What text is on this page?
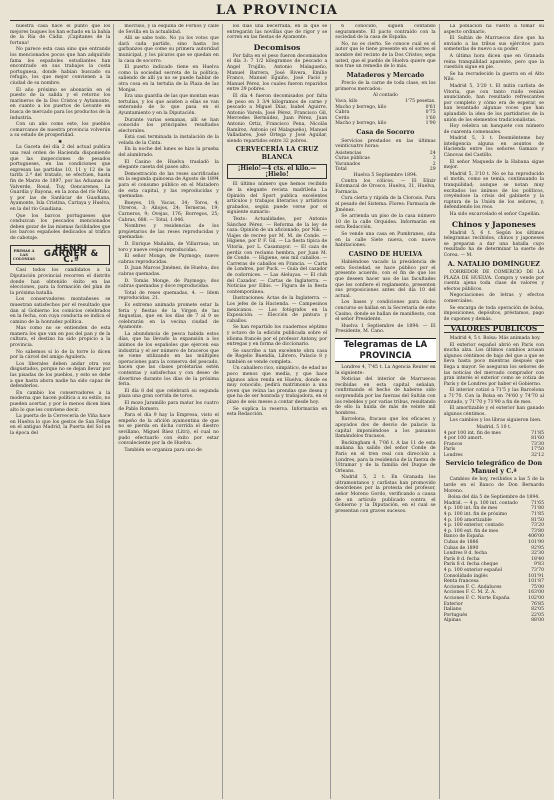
LA PROVINCIA

nuestra casa hace el punto que los mejores buques los han echado en la bahía de la Ría de Cádiz. ¡Capitanes de la fortuna!

No parece esta casa sino que entrando los mencionados pocos que han adquirido fama los españoles estudiantes han encontrado en sus trabajos la costa portuguesa, donde habían buscado su refugio, los que mejor convienen a la ciudad de su nombre.

El año próximo se abonarán en el puesto de la salida y el retorno los marineros de la Dos Cristos y Aytamonte, en cuanto a los puertos de Levante en busca de mercado para los productos de la industria.

Con un año como este, los pueblos comarcanos de nuestra provincia volverán a su estado de prosperidad.

✱

La Gaceta del día 2 del actual publica una real orden de Hacienda disponiendo que las inspecciones de pesados portugueses, en las condiciones que expresan las partidas 10, 11 y 12 de la tarifa 2.ª del tratado, se efectúen, hasta fin de Marzo de 1897, por las Aduanas de Valverde, Rosal, Tuy, Oencarenes, La Guardia y Bayona, en la zona del río Miño, y por las de Sanlúcar de Guadiana, Ayamonte, Isla Cristina, Cartaya y Huelva, en la del río Guadiana.

Que los barcos portugueses que conduzcan los pescados mencionados deben gozar de las mismas facilidades que los barcos españoles dedicados al tráfico de cabotaje.

PRIMAS A LAS COLONIAS
HENRI GARNER & C.ª

Casi todos los candidatos a la Diputación provincial recorren el distrito donde han obtenido éxito en las elecciones, para la formación del plan de la próxima batalla.

Los conservadores montañeses se muestran satisfechos por el resultado que dan al Gobierno los comicios celebrados en la fecha, con cuya conducta se indica el camino de la honradez política.

Mas como no se entienden de esta manera los que van en pos del pan y de la cultura, el destino ha sido propicio a la provincia.

No sabemos si lo de la torre lo dicen por la cárcel del amigo Aguilera.

Los liberales deben andar otra vez disgustados, porque no se dejan llevar por las pisadas de los pueblos, y esto se debe a que hasta ahora nadie ha sido capaz de defenderlos.

En cambio los conservadores a la moderna que hacen política a su estilo, no pueden acertar, y por lo menos dicen bien alto lo que les conviene decir.

La puerta de la Cervecería de Viña hace en Huelva lo que los gestos de San Felipe en el antiguo Madrid, la Puerta del Sol en la época del

mocrisío, y la esquina de Fornos y calle de Sevilla en la actualidad.

Allí se sabe todo. No ya los votos que dará cada partido, sino hasta los garbanzos que come su primera autoridad municipal, y los pícaros que se quedan en la casa de socorro.

El puerto indicado tiene en Huelva como la sociedad secreta de la política; saliendo de allí ya no se puede hablar de otra cosa en la tertulia de la Plaza de las Monjas.

Era una guardia de las que montan esas tertulias, y los que asisten a ellas se van enterando de lo que pasa en el Ayuntamiento y en la Diputación.

Durante varias semanas, allí se han conocido los principales resultados electorales.

Está casi terminada la instalación de la velada de la Cinta.

En la noche del lunes se hizo la prueba del alumbrado.

El Casino de Huelva trasladó la elegante caseta del paseo alto.

Demostración de las reses sacrificadas en la segunda quincena de Agosto de 1894 para el consumo público en el Matadero de esta capital, y las reproducidas y quemadas:

Bueyes, 18; Vacas, 34; Toros, 4; Utreros, 3; Añojos, 24; Terneras, 19; Carneros, 9; Ovejas, 176; Borregos, 25; Cabras, 688. — Total, 1.046.

Nombres y residencias de los propietarios de las reses reproducidas y quemadas:

D. Enrique Mañalda, de Villarrasa; un toro y nueve ovejas reproducidas.

El señor Monge, de Paymogo; nueve cabras reproducidas.

D. Juan Marcos Jiménez, de Huelva; dos cabras quemadas.

D. Tomás Monge, de Paymogo; dos cabras quemadas y doce reproducidas.

Total de reses quemadas, 4. — Idem reproducidas, 21.

Es extremo animada promete estar la feria y fiestas de la Virgen de las Angustias, que en los días de 7 al 9 se celebrarán en la vecina ciudad de Ayamonte.

La abundancia de pesca habida estos días, que ha llevado la expansión a los ánimos de los españoles que ejercen esa industria y el ser número de braceros que se viene utilizando en las múltiples operaciones para la conserva del pescado, hacen que las clases proletarias estén contentas y satisfechas y con deseo de divertirse durante los días de la próxima feria.

El día 8 del que celebrará su segunda plaza una gran corrida de toros.

El mozo Jaramillo para matar los cuatro de Pablo Romero.

Para el día 9 hay la Empresa, visto el empeño de la afición ayamontina de que no se pierda en dicha corrida el diestro sevillano, Miguel Báez (Litri), el cual no pudo efectuarlo con éxito por estar convaleciente por la de Huelva.

También se organiza para uno de

los días una becerrada, en la que se entregarán las novillas que de rigor y se corren en las fiestas de Ayamonte.

Decomisos

Por falta en el peso fueron decomisados el día 3: 7 1/2 kilogramos de pescado a Ángel Trujillo, Antonio Malagueño, Manuel Barrera, José Rivera, Emilio Franco, Manuel Eguiño, José Fació y Manuel Pérez, los cuales fueron reparidos entre 29 pobres.

El día 4 fueron decomisados por falta de peso en 3 3/4 kilogramos de carne y pescado a Miguel Díaz, Isabel Aguirre, Antonio Varela, José Pérez, Francisco Gil, Mercedes Bermúdez, Juan Pérez, Juan Antonio Ortiz, Francisco Pena, Nicolás Ramírez, Antonio (el Malagueño), Manuel Valladares, José Ortega y José Aguilar, siendo repartidos entre 32 pobres.

CERVECERÍA LA CRUZ BLANCA
¡Hielo!—4 cts. el kilo.—¡Hielo!

El último número que hemos recibido de la elegante revista madrileña La Opinión del Sport publica excelentes artículos y trabajos literarios y artísticos grabados, según puede verse por el siguiente sumario:

Texto: Actualidades, por Antonio Sánchez Pérez. — Reforma de la ley de caza: Opinión de un aficionado, por Nik. — Viajes de recreo por M. M. de Conde. — Higiene, por P. F. Gil. — La fiesta típica de Vitoria, por L. Casamayor. — El caza de perdiz con reclamo hembra, por Juan M. de Conde. — Higiene, seis mil caballos. — Carreras de caballos en Francia. — Carta de Londres, por Puck. — Guía del cazador de codornices. — Las Aleluyas. — El club del Cazador. — Cartas de Inglaterra. — Noticias por Elbis. — Figura de la fiesta contemporánea.

Ilustraciones: Actas de la Inglaterra. — Los jefes de la Hacienda. — Campesinos mexicanos. — Los fotógrafos en la Exposición. — Elección de pintura y caballos.

Se han repartido los cuadernos séptimo y octavo de la edición publicada sobre el idioma francés por el profesor Antony, por entregas y en forma de diccionario.

Se suscribe a tan excelente obra casa de Rogelio Buendía, Librero, Palacio 8 y también se vende completa.

Un caballero rico, simpático, de edad no poco menos que media, y que hace algunos años renda en Huelva, donde es muy conocido, pedirá matrimonio a una joven que reúna las prendas que desea y que ha de ser honrada y trabajadora, en el plazo de seis meses a contar desde hoy.

Se suplica la reserva. Informarán en esta Redacción.

6 conocido, siguen contando seguramente. El pacto contraído con la sociedad de la casa de España.

No, no es cierto. Se conoce cuál es el autor que le tiene presente en el sorteo el nombre del recinto de la Dos Cristos; sepa usted, que el pueblo de Huelva quiere que nos trae un remedio de lo más.

Mataderos y Mercado

Precio de la carne de toda clase, en los primeros mercados:

Al contado
Vaca, kilo	1'75 pesetas.
Macho y borrego, kilo	0'61
Cabra	0'75
Cerdo	1'60
Macho y borrego, kilo	1'90
Casa de Socorro

Servicios prestados en las últimas veinticuatro horas:

Asistencias	24
Curas públicas	3
Vacunados	2
Total	29
Huelva 5 Septiembre 1894.

Contra los cólicos. — El Elixir Estomacal de Orosco, Huelva, 31, Huelva, Farmacia.

Cura cierta y rápida de la Clorosis. Para el pesado del Sistema. Flores: Farmacia de Jiménez.

Se arrienda un piso de la casa número 10 de la calle Orquidea. Informarán en esta Redacción.

Se vende una casa en Pumbranes, sita en la calle Siete nueva, con nueve habitaciones.

CASINO DE HUELVA

Habiéndose vacado la presidencia de esta Sociedad, se hace público por el presente acuerdo, con el fin de que los que deseen hacer uso de las facultades que les confiere el reglamento, presenten sus proposiciones antes del día 10 del actual.

Los bases y condiciones para dicho concurso se hallan en la Secretaría de este Casino, donde se hallan de manifiesto, con el señor Presidente.

Huelva 1 Septiembre de 1894. — El Presidente, M. Cano.

Telegramas de LA PROVINCIA

Londres 4, 7'45 t. La Agencia Reuter en la siguiente:

Noticias del interior de Marruecos recibidas en esta capital señalan, confirmando el hecho de haberse sido sorprendida por las fuerzas del Sultán con los rebeldes y por varias tribus, resultando de ello la huida de más de veinte mil hombres.

Barcelona, fracaso que los eficaces y apoyados dos de desvio de palacio la capital imponiéndose a los paisanos llamándolos fracasos.

Buckingham 4, 7'06 t. A las 11 de esta mañana ha salido del señor Conde de Paris en el tren real con dirección a Londres, para la residencia de la fuerza de Ultramar y de la familia del Duque de Orleans.

Nadrid 5, 2 t. En Granada los ultramontanos y carlistas han promovido desórdenes por la protesta del profesor, señor Moreno Gordo, verificando a causa de un artículo publicado contra el Gobierno y la Diputación, en el cual se presentan con graves sucesos.

La población ha vuelto a tomar su aspecto ordinario.

El Sultán de Marruecos dice que ha enviado a las tribus sus ejércitos para someterlas de nuevo a su poder.

A última hora dicen que en Granada reina tranquilidad aparente, pero que la cuestión sigue en pie.

Se ha recrudecido la guerra en el Alto Nilo.

Madrid 5, 3'20 t. El mitin carlista de Vitoria, que con tanto ruido venían anunciando, han resultado refrescantes por completo y cómo era de esperar, se han levantado algunas voces que han aplaudido la idea de los partidarios de la unión de los elementos tradicionalistas.

Hoy celebra un banquete con número de cuarenta comensales.

Madrid 5, 3 t. Desmiénteme hoy inteligencia alguna en asuntos de Hacienda entre los señores Gamazo y Cánovas del Castillo.

El señor Maqueda de la Habana sigue mejor.

Madrid 5, 3'10 t. No se ha reproducido el motín, como se temía, continuando la tranquilidad; aunque se notan muy excitados los ánimos de los políticos, creyéndose la crisis del gabinete y la ruptura de la Unión de los señores, y, defendiendo los reos.

Ha sido excarcelado el señor Capellán.

Chinos y Japoneses

Madrid 5, 6 t. Según los últimos telegramas recibidos, chinos y japoneses se preparan a dar una batalla cuyo resultado ha de determinar la suerte de Corea. — M.

A. NATALIO DOMÍNGUEZ

CORREDOR DE COMERCIO DE LA PLAZA DE HUELVA. Compra y vende por cuenta ajena toda clase de valores y efectos públicos.

Negociaciones de letras y efectos comerciales.

Se encarga de toda operación de bolsa, imposiciones, depósitos, préstamos, pago de cupones y demás.

VALORES PUBLICOS

Madrid 4, 5 t. Bolsa: Más animada hoy.

El exterior español abrió en París con mucha alza. Los últimos cambios acusan algunos céntimos de bajo del que a que se lleva hasta poco mientras después que llega a mayor. Se aseguran los señores de las noticias del mercado comprador con gran interés el exterior como se cotiza de París y de Londres por haber el Gobierno.

El interior cotizó a 71'5 y las Barcelona a 71'70. Con la Bolsa en 74'60 y 74'70 al contado, y 71'70 y 71'90 a fin de mes.

El amortizable y el exterior han ganado algunos céntimos.

Los cambios y los libras siguieron bien.

Madrid, 5 10 t.
4 por 100 int. fin de mes	71'85
4 por 100 amort.	81'60
Francos	73'30
París	17'50
Londres	32'12
Servicio telegráfico de Don Manuel y C.ª

Cambios de hoy, recibidos a las 5 de la tarde en el Banco de Don Bernardo Moreno.

Bolsa del día 5 de Septiembre de 1894.
Madrid. — 4 p. 100 int. contado	71'65
4 p. 100 int. fin de mes	71'80
4 p. 100 int. fin de próximo	71'85
4 p. 100 amortizable	81'50
4 p. 100 exterior, contado	73'20
4 p. 100 ext. fin de mes	73'80
Banco de España	406'00
Cubas de 1886	101'90
Cubas de 1890	92'95
Londres 8 d. fecha	32'30
París 8 d. fecha	18'40
París 8 d. fecha cheque	9'83
4 p. 100 exterior español	73'70
Consolidado inglés	101'91
Renta francesa	101'87
Acciones F. C. Andaluces	75'00
Acciones F. C. M. Z. A.	163'00
Acciones F. C. Norte España	102'00
Exterior	76'85
Italiano	82'05
Portugués	22'05
Alpinas	88'00
